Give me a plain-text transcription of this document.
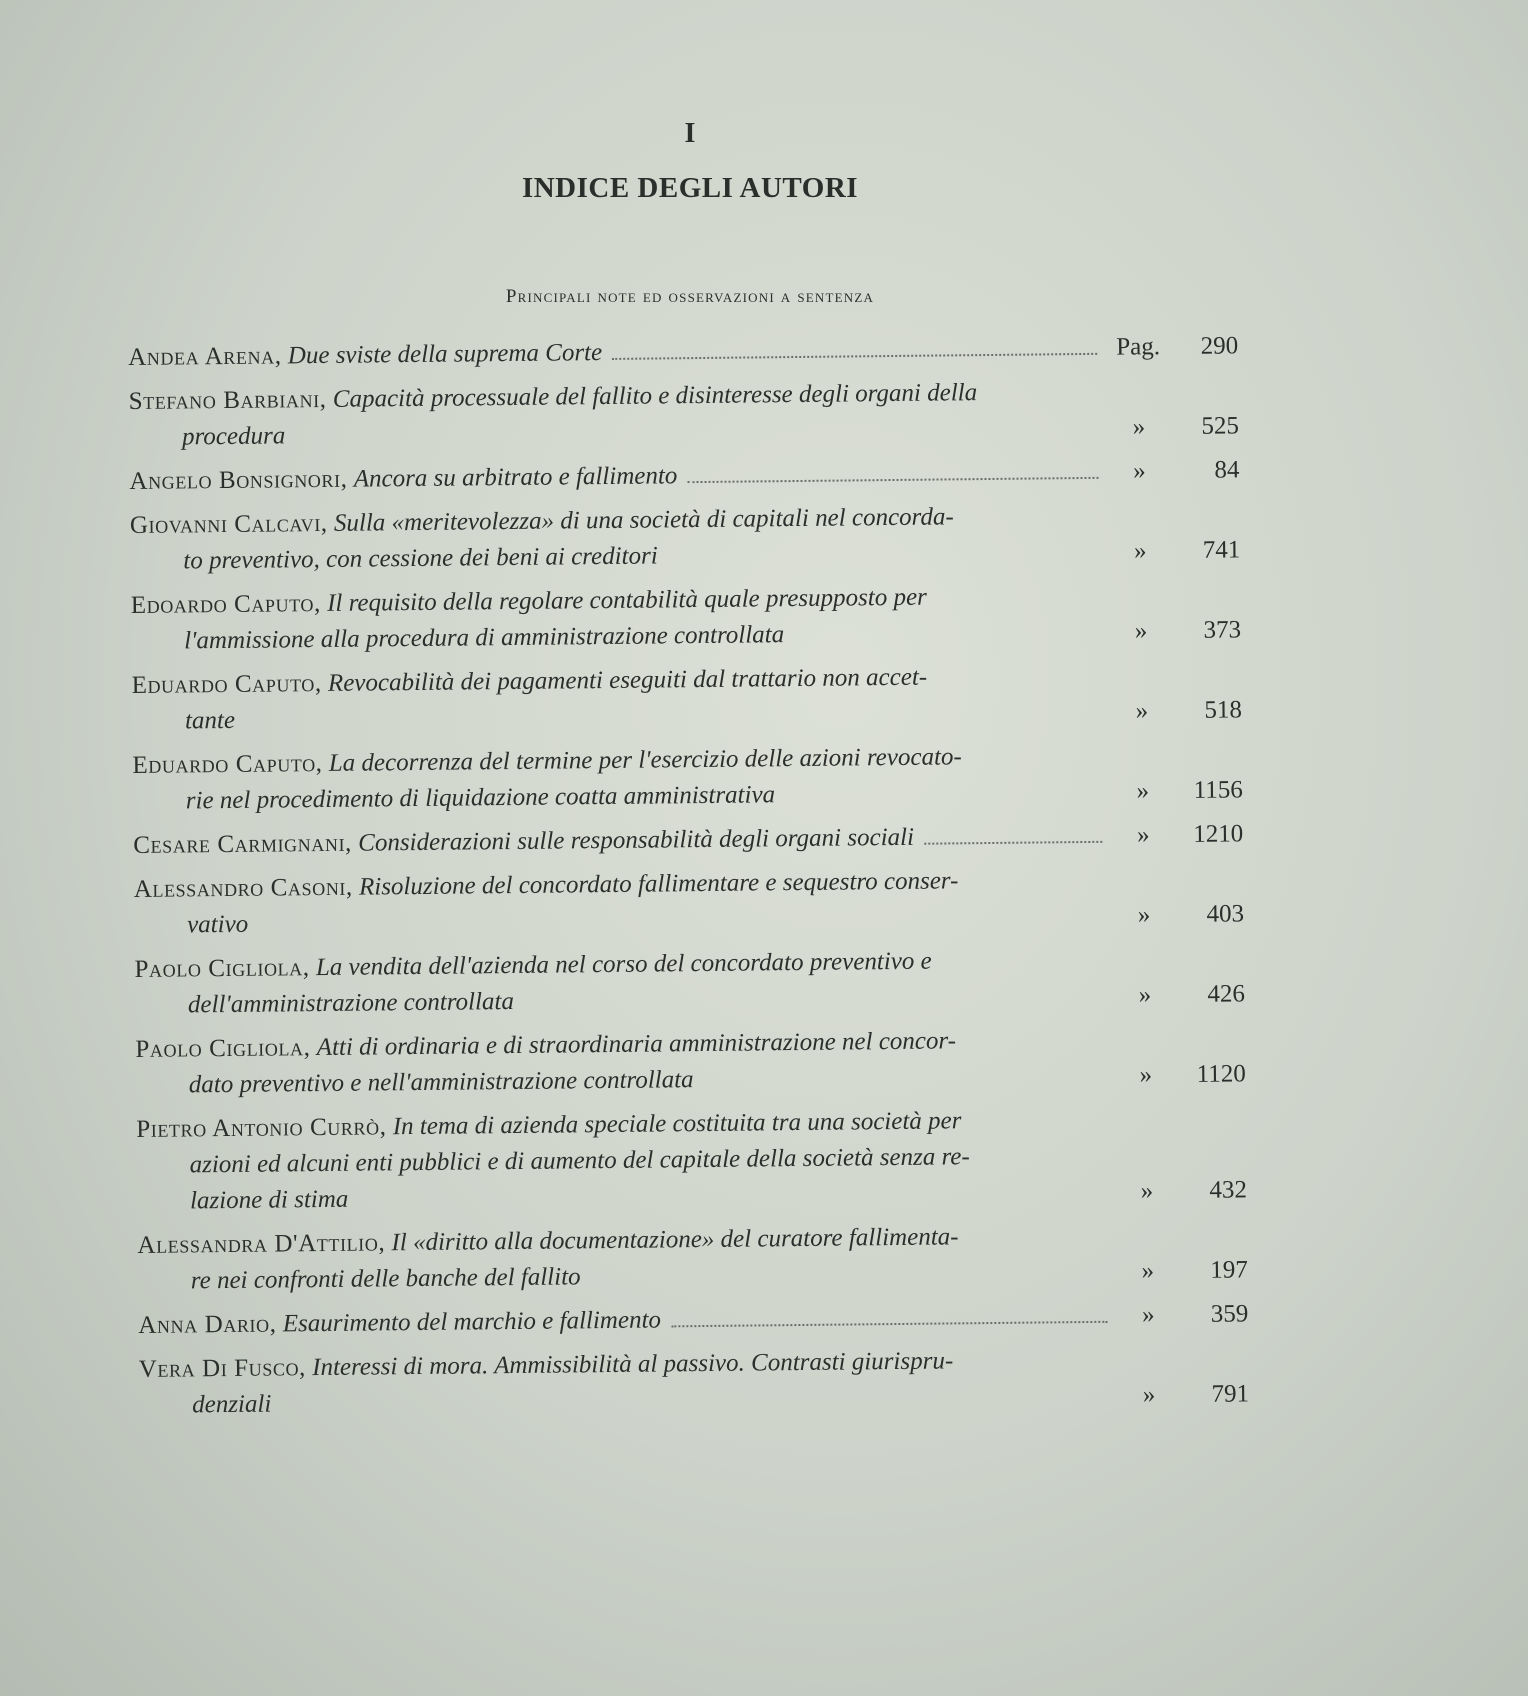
I
INDICE DEGLI AUTORI
Principali note ed osservazioni a sentenza
Andea Arena, Due sviste della suprema Corte	Pag.	290
Stefano Barbiani, Capacità processuale del fallito e disinteresse degli organi della
procedura	»	525
Angelo Bonsignori, Ancora su arbitrato e fallimento	»	84
Giovanni Calcavi, Sulla «meritevolezza» di una società di capitali nel concorda-
to preventivo, con cessione dei beni ai creditori	»	741
Edoardo Caputo, Il requisito della regolare contabilità quale presupposto per
l'ammissione alla procedura di amministrazione controllata	»	373
Eduardo Caputo, Revocabilità dei pagamenti eseguiti dal trattario non accet-
tante	»	518
Eduardo Caputo, La decorrenza del termine per l'esercizio delle azioni revocato-
rie nel procedimento di liquidazione coatta amministrativa	»	1156
Cesare Carmignani, Considerazioni sulle responsabilità degli organi sociali	»	1210
Alessandro Casoni, Risoluzione del concordato fallimentare e sequestro conser-
vativo	»	403
Paolo Cigliola, La vendita dell'azienda nel corso del concordato preventivo e
dell'amministrazione controllata	»	426
Paolo Cigliola, Atti di ordinaria e di straordinaria amministrazione nel concor-
dato preventivo e nell'amministrazione controllata	»	1120
Pietro Antonio Currò, In tema di azienda speciale costituita tra una società per
azioni ed alcuni enti pubblici e di aumento del capitale della società senza re-
lazione di stima	»	432
Alessandra D'Attilio, Il «diritto alla documentazione» del curatore fallimenta-
re nei confronti delle banche del fallito	»	197
Anna Dario, Esaurimento del marchio e fallimento	»	359
Vera Di Fusco, Interessi di mora. Ammissibilità al passivo. Contrasti giurispru-
denziali	»	791
